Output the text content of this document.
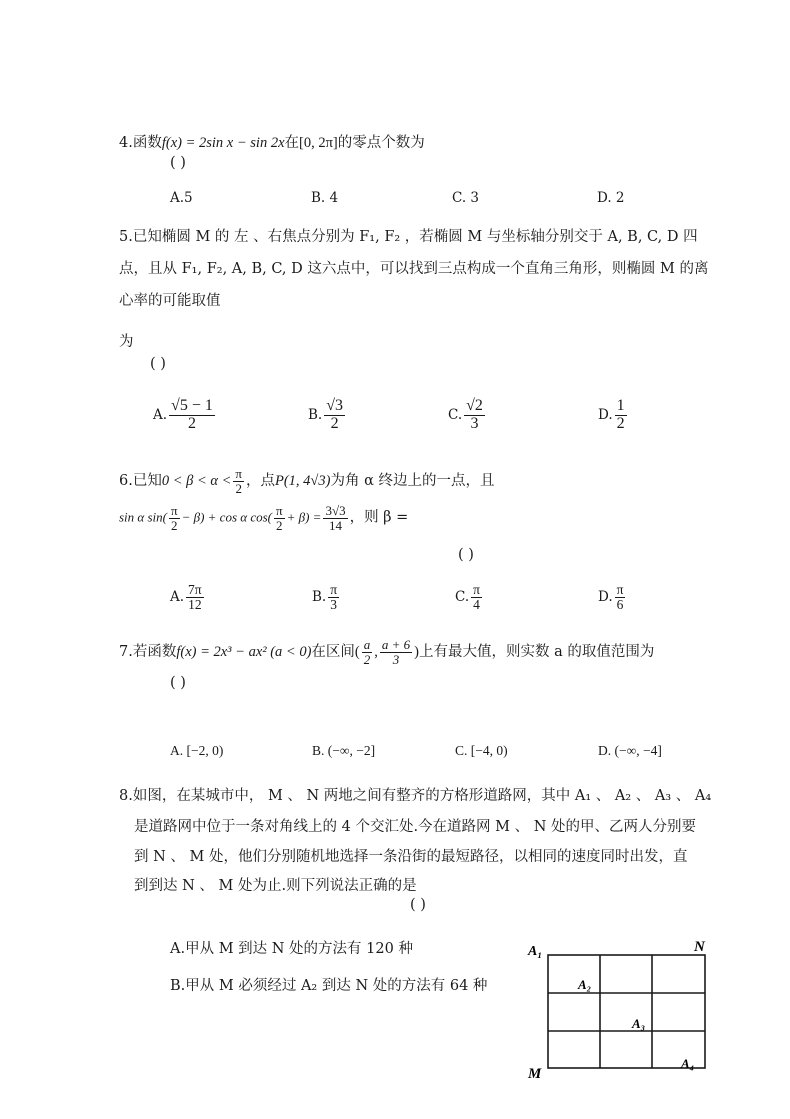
4.函数f(x) = 2sin x − sin 2x在[0, 2π]的零点个数为
( )
A.5	B. 4	C. 3	D. 2
5.已知椭圆 M 的 左 、右焦点分别为 F₁, F₂ ，若椭圆 M 与坐标轴分别交于 A, B, C, D 四
点，且从 F₁, F₂, A, B, C, D 这六点中，可以找到三点构成一个直角三角形，则椭圆 M 的离
心率的可能取值
为
( )
A. $\frac{√5 - 1}{2}$	B. $\frac{√3}{2}$	C. $\frac{√2}{3}$	D. $\frac{1}{2}$
6.已知$0 < \beta < \alpha < \frac{\pi}{2}$ ，点P(1, 4√3)为角 α 终边上的一点，且
sin α $\sin( \frac{\pi}{2} - \beta) + \cos \alpha$ $\cos( \frac{\pi}{2} + \beta) = \frac{3√3}{14}$ ，则 β =
( )
A. $\frac{7\pi}{12}$	B. $\frac{\pi}{3}$	C. $\frac{\pi}{4}$	D. $\frac{\pi}{6}$
7.若函数f(x) = 2x³ − ax² (a < 0)在区间( $\frac{a}{2}$ , $\frac{a + 6}{3}$ )上有最大值，则实数 a 的取值范围为
( )
A. [−2, 0)	B. (−∞, −2]	C. [−4, 0)	D. (−∞, −4]
8.如图，在某城市中， M 、 N 两地之间有整齐的方格形道路网，其中 A₁ 、 A₂ 、 A₃ 、 A₄
是道路网中位于一条对角线上的 4 个交汇处.今在道路网 M 、 N 处的甲、乙两人分别要
到 N 、 M 处，他们分别随机地选择一条沿街的最短路径，以相同的速度同时出发，直
到到达 N 、 M 处为止.则下列说法正确的是
( )
A.甲从 M 到达 N 处的方法有 120 种
B.甲从 M 必须经过 A₂ 到达 N 处的方法有 64 种
A₁
A₂
A₃
A₄
N
M
